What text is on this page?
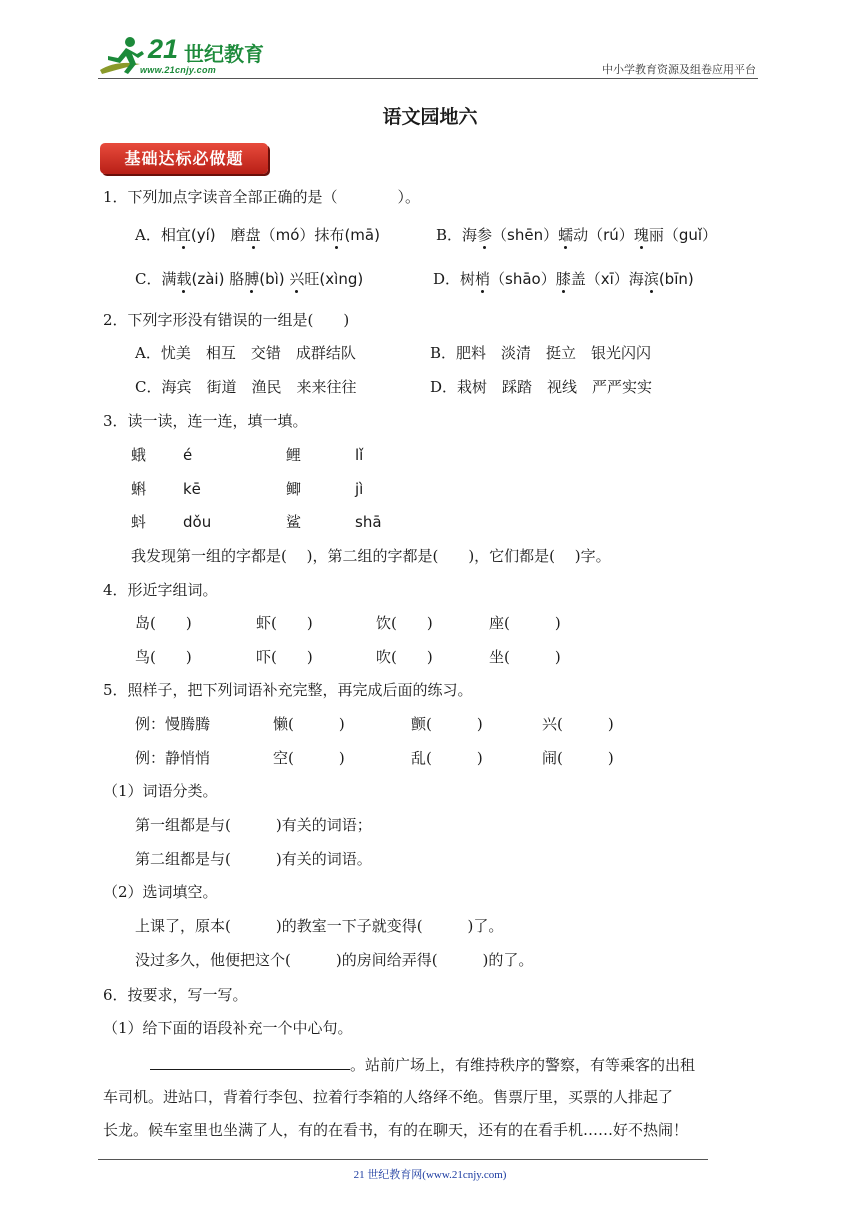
21 世纪教育
www.21cnjy.com	中小学教育资源及组卷应用平台
语文园地六
基础达标必做题
1．下列加点字读音全部正确的是（　　　　）。
A．相宜(yí)　磨盘（mó）抹布(mā)	B．海参（shēn）蠕动（rú）瑰丽（guǐ）
C．满载(zài) 胳膊(bì) 兴旺(xìng)	D．树梢（shāo）膝盖（xī）海滨(bīn)
2．下列字形没有错误的一组是(　　)
A．忧美　相互　交错　成群结队	B．肥料　淡清　挺立　银光闪闪
C．海宾　街道　渔民　来来往往	D．栽树　踩踏　视线　严严实实
3．读一读，连一连，填一填。
蛾 é	鲤	lǐ
蝌 kē	鲫	jì
蚪 dǒu	鲨	shā
我发现第一组的字都是(　 )，第二组的字都是(　　)，它们都是(　 )字。
4．形近字组词。
岛(　　)	虾(　　)	饮(　　)	座(　　　)
鸟(　　)	吓(　　)	吹(　　)	坐(　　　)
5．照样子，把下列词语补充完整，再完成后面的练习。
例：慢腾腾	懒(　　　)	颤(　　　)	兴(　　　)
例：静悄悄	空(　　　)	乱(　　　)	闹(　　　)
（1）词语分类。
第一组都是与(　　　)有关的词语；
第二组都是与(　　　)有关的词语。
（2）选词填空。
上课了，原本(　　　)的教室一下子就变得(　　　)了。
没过多久，他便把这个(　　　)的房间给弄得(　　　)的了。
6．按要求，写一写。
（1）给下面的语段补充一个中心句。
。站前广场上，有维持秩序的警察，有等乘客的出租
车司机。进站口，背着行李包、拉着行李箱的人络绎不绝。售票厅里，买票的人排起了
长龙。候车室里也坐满了人，有的在看书，有的在聊天，还有的在看手机……好不热闹！
21 世纪教育网(www.21cnjy.com)
